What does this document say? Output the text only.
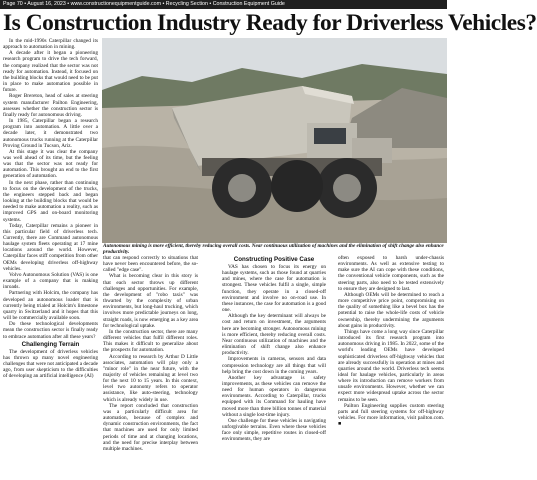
Page 70 • August 16, 2023 • www.constructionequipmentguide.com • Recycling Section • Construction Equipment Guide
Is Construction Industry Ready for Driverless Vehicles?
Autonomous mining is more efficient, thereby reducing overall costs. Near continuous utilization of machines and the elimination of shift change also enhance productivity.

In the mid-1990s Caterpillar changed its approach to automation in mining.

A decade after it began a pioneering research program to drive the tech forward, the company realized that the sector was not ready for automation. Instead, it focused on the building blocks that would need to be put in place to make automation possible in future.

Roger Brereton, head of sales at steering system manufacturer Pailton Engineering, assesses whether the construction sector is finally ready for autonomous driving.

In 1985, Caterpillar began a research program into automation. A little over a decade later, it demonstrated two autonomous trucks running at the Caterpillar Proving Ground in Tucson, Ariz.

At this stage it was clear the company was well ahead of its time, but the feeling was that the sector was not ready for automation. This brought an end to the first generation of automation.

In the next phase, rather than continuing to focus on the development of the trucks, the engineers stepped back and began looking at the building blocks that would be needed to make automation a reality, such as improved GPS and on-board monitoring systems.

Today, Caterpillar remains a pioneer in this particular field of driverless tech. Currently, there are Command autonomous haulage system fleets operating at 17 mine locations around the world. However, Caterpillar faces stiff competition from other OEMs developing driverless off-highway vehicles.

Volvo Autonomous Solution (VAS) is one example of a company that is making inroads.

Partnering with Holcim, the company has developed an autonomous loader that is currently being trialed at Holcim's limestone quarry in Switzerland and it hopes that this will be commercially available soon.

Do these technological developments mean the construction sector is finally ready to embrace automation after all these years?

Challenging Terrain

The development of driverless vehicles has thrown up many novel engineering challenges that were not anticipated a decade ago, from user skepticism to the difficulties of developing an artificial intelligence (AI)

that can respond correctly to situations that have never been encountered before, the so-called "edge case".

What is becoming clear in this story is that each sector throws up different challenges and opportunities. For example, the development of "robo taxis" was thwarted by the complexity of urban environments, but long-haul trucking, which involves more predictable journeys on long, straight roads, is now emerging as a key area for technological uptake.

In the construction sector, there are many different vehicles that fulfil different roles. This makes it difficult to generalize about the prospects for automation.

According to research by Arthur D Little associates, automation will play only a "minor role" in the near future, with the majority of vehicles remaining at level two for the next 10 to 15 years. In this context, level two autonomy refers to operator assistance, like auto-steering, technology which is already widely in use.

The report concluded that construction was a particularly difficult area for automation, because of complex and dynamic construction environments, the fact that machines are used for only limited periods of time and at changing locations, and the need for precise interplay between multiple machines.

Constructing Positive Case

VAS has chosen to focus its energy on haulage systems, such as those found at quarries and mines, where the case for automation is strongest. These vehicles fulfil a single, simple function, they operate in a closed-off environment and involve no on-road use. In these instances, the case for automation is a good one.

Although the key determinant will always be cost and return on investment, the arguments here are becoming stronger. Autonomous mining is more efficient, thereby reducing overall costs. Near continuous utilization of machines and the elimination of shift change also enhance productivity.

Improvements in cameras, sensors and data compression technology are all things that will help bring the cost down in the coming years.

Another key advantage is safety improvements, as these vehicles can remove the need for human operators in dangerous environments. According to Caterpillar, trucks equipped with its Command for hauling have moved more than three billion tonnes of material without a single lost-time injury.

One challenge for these vehicles is navigating unforgivable terrains. Even where these vehicles face only simple, repetitive routes in closed-off environments, they are

often exposed to harsh under-chassis environments. As well as extensive testing to make sure the AI can cope with these conditions, the conventional vehicle components, such as the steering parts, also need to be tested extensively to ensure they are designed to last.

Although OEMs will be determined to reach a more competitive price point, compromising on the quality of something like a bevel box has the potential to raise the whole-life costs of vehicle ownership, thereby undermining the arguments about gains in productivity.

Things have come a long way since Caterpillar introduced its first research program into autonomous driving in 1985. In 2022, some of the world's leading OEMs have developed sophisticated driverless off-highway vehicles that are already successfully in operation at mines and quarries around the world. Driverless tech seems ideal for haulage vehicles, particularly in areas where its introduction can remove workers from unsafe environments. However, whether we can expect more widespread uptake across the sector remains to be seen.

Pailton Engineering supplies custom steering parts and full steering systems for off-highway vehicles. For more information, visit pailton.com. ■
